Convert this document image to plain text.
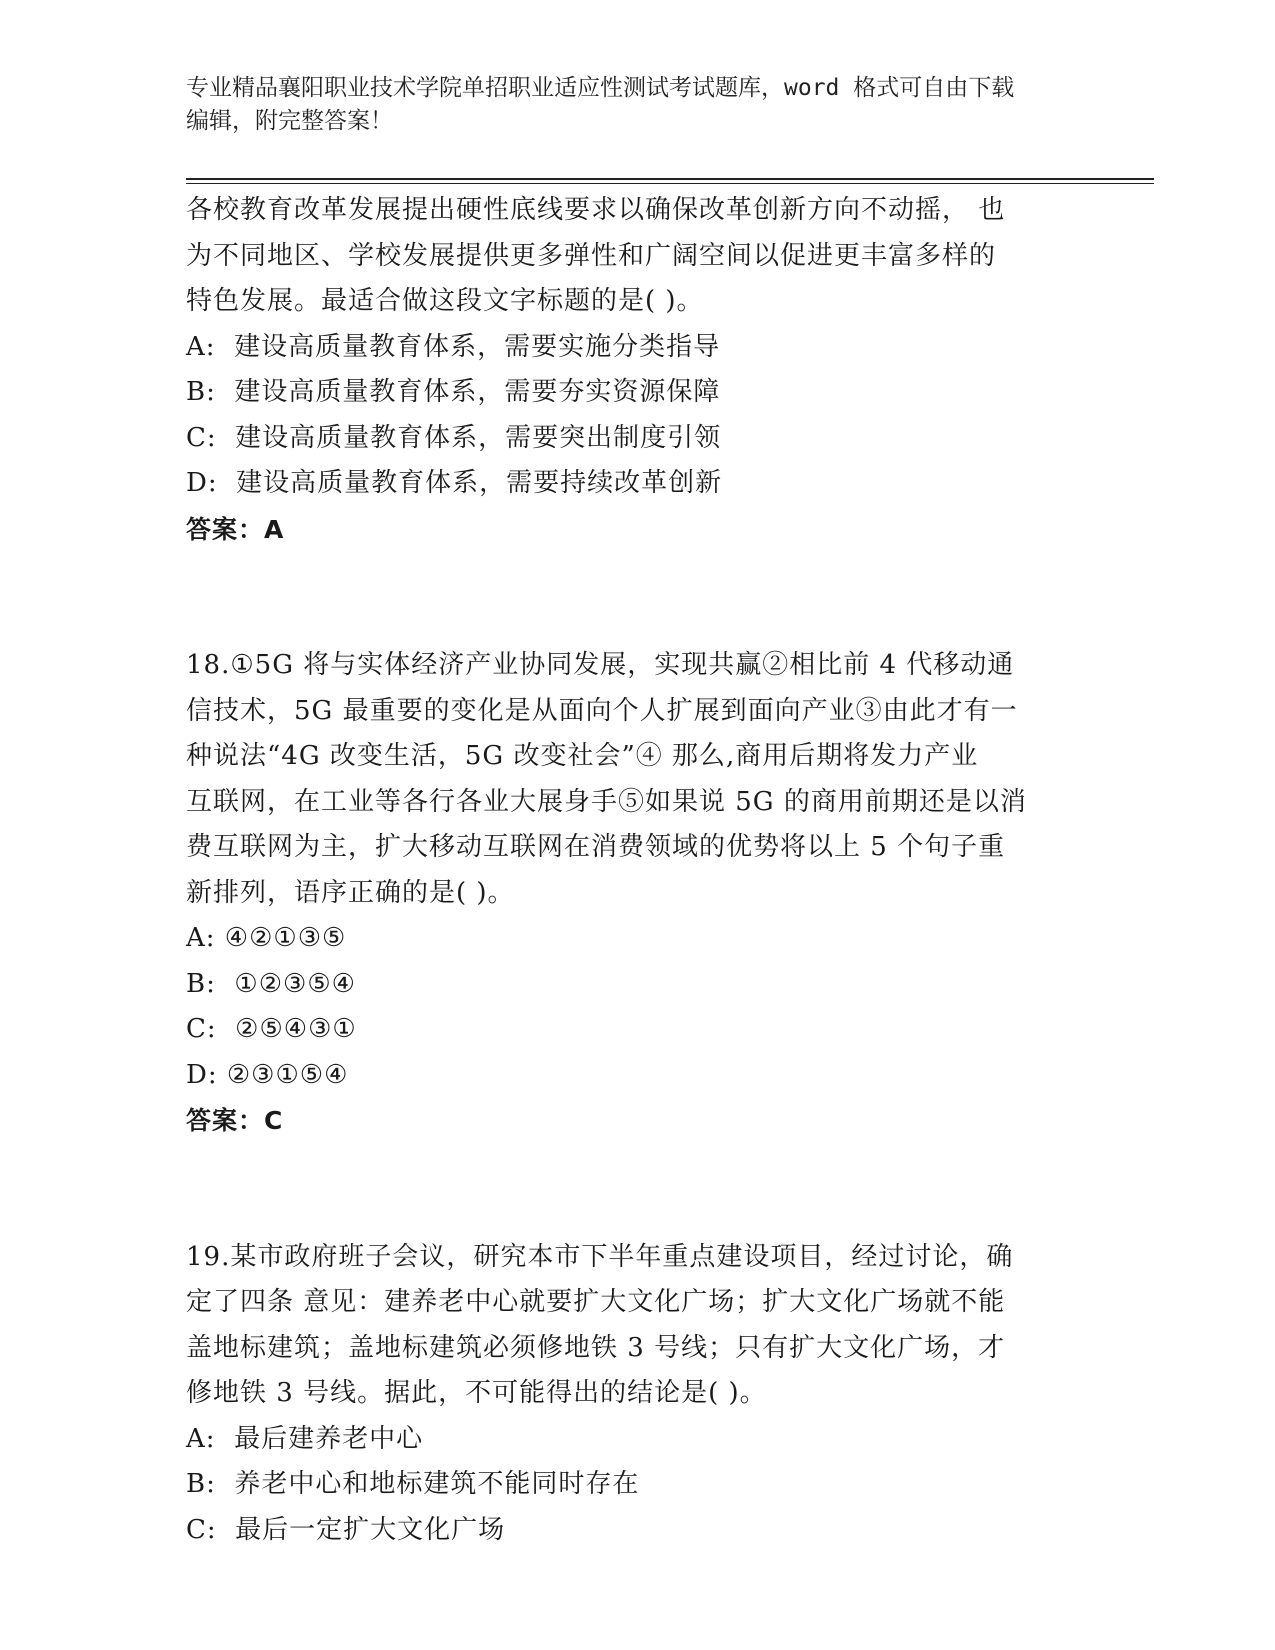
专业精品襄阳职业技术学院单招职业适应性测试考试题库，word 格式可自由下载
编辑，附完整答案！

各校教育改革发展提出硬性底线要求以确保改革创新方向不动摇， 也

为不同地区、学校发展提供更多弹性和广阔空间以促进更丰富多样的

特色发展。最适合做这段文字标题的是( )。

A:  建设高质量教育体系，需要实施分类指导

B:  建设高质量教育体系，需要夯实资源保障

C:  建设高质量教育体系，需要突出制度引领

D:  建设高质量教育体系，需要持续改革创新

答案：A

18.①5G 将与实体经济产业协同发展，实现共赢②相比前 4 代移动通

信技术，5G 最重要的变化是从面向个人扩展到面向产业③由此才有一

种说法“4G 改变生活，5G 改变社会”④ 那么,商用后期将发力产业

互联网，在工业等各行各业大展身手⑤如果说 5G 的商用前期还是以消

费互联网为主，扩大移动互联网在消费领域的优势将以上 5 个句子重

新排列，语序正确的是( )。

A: ④②①③⑤

B:  ①②③⑤④

C:  ②⑤④③①

D: ②③①⑤④

答案：C

19.某市政府班子会议，研究本市下半年重点建设项目，经过讨论，确

定了四条 意见：建养老中心就要扩大文化广场；扩大文化广场就不能

盖地标建筑；盖地标建筑必须修地铁 3 号线；只有扩大文化广场，才

修地铁 3 号线。据此，不可能得出的结论是( )。

A:  最后建养老中心

B:  养老中心和地标建筑不能同时存在

C:  最后一定扩大文化广场
